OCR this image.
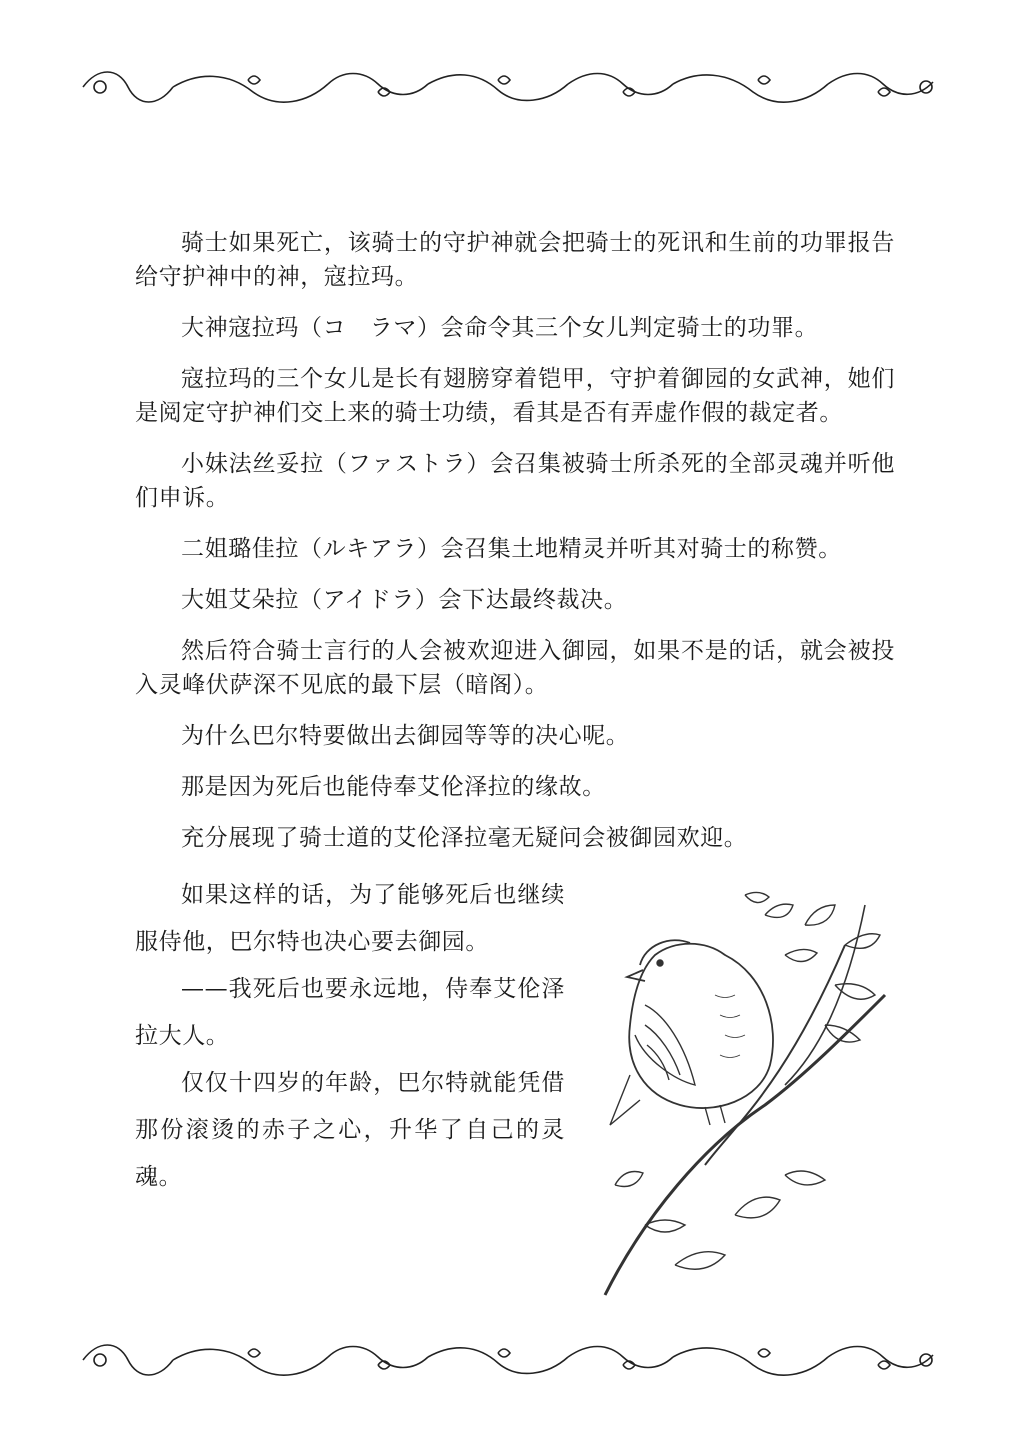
骑士如果死亡，该骑士的守护神就会把骑士的死讯和生前的功罪报告给守护神中的神，寇拉玛。

大神寇拉玛（コ　ラマ）会命令其三个女儿判定骑士的功罪。

寇拉玛的三个女儿是长有翅膀穿着铠甲，守护着御园的女武神，她们是阅定守护神们交上来的骑士功绩，看其是否有弄虚作假的裁定者。

小妹法丝妥拉（ファストラ）会召集被骑士所杀死的全部灵魂并听他们申诉。

二姐璐佳拉（ルキアラ）会召集土地精灵并听其对骑士的称赞。

大姐艾朵拉（アイドラ）会下达最终裁决。

然后符合骑士言行的人会被欢迎进入御园，如果不是的话，就会被投入灵峰伏萨深不见底的最下层（暗阁）。

为什么巴尔特要做出去御园等等的决心呢。

那是因为死后也能侍奉艾伦泽拉的缘故。

充分展现了骑士道的艾伦泽拉毫无疑问会被御园欢迎。

如果这样的话，为了能够死后也继续服侍他，巴尔特也决心要去御园。

——我死后也要永远地，侍奉艾伦泽拉大人。

仅仅十四岁的年龄，巴尔特就能凭借那份滚烫的赤子之心，升华了自己的灵魂。
